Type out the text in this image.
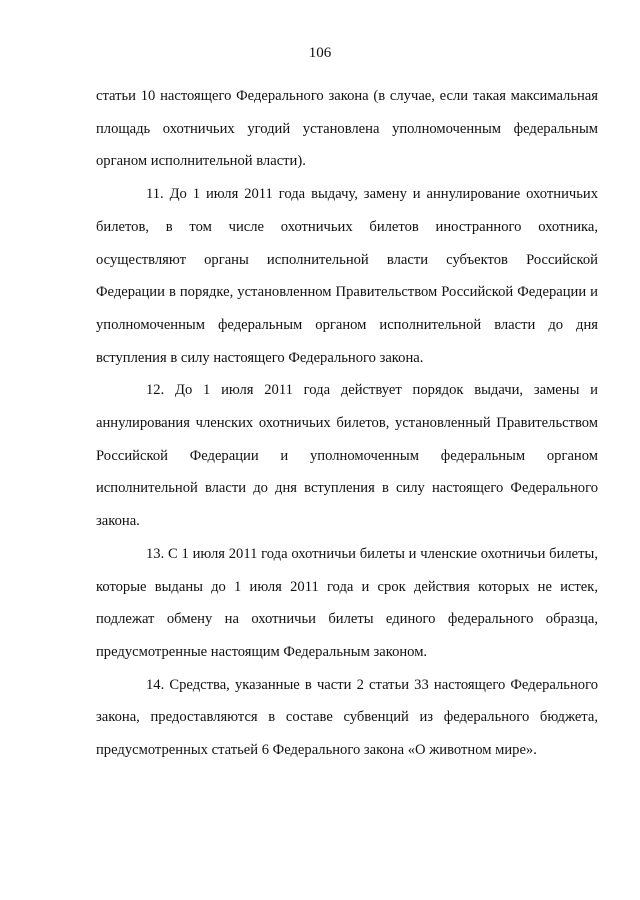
106

статьи 10 настоящего Федерального закона (в случае, если такая максимальная площадь охотничьих угодий установлена уполномоченным федеральным органом исполнительной власти).

11. До 1 июля 2011 года выдачу, замену и аннулирование охотничьих билетов, в том числе охотничьих билетов иностранного охотника, осуществляют органы исполнительной власти субъектов Российской Федерации в порядке, установленном Правительством Российской Федерации и уполномоченным федеральным органом исполнительной власти до дня вступления в силу настоящего Федерального закона.

12. До 1 июля 2011 года действует порядок выдачи, замены и аннулирования членских охотничьих билетов, установленный Правительством Российской Федерации и уполномоченным федеральным органом исполнительной власти до дня вступления в силу настоящего Федерального закона.

13. С 1 июля 2011 года охотничьи билеты и членские охотничьи билеты, которые выданы до 1 июля 2011 года и срок действия которых не истек, подлежат обмену на охотничьи билеты единого федерального образца, предусмотренные настоящим Федеральным законом.

14. Средства, указанные в части 2 статьи 33 настоящего Федерального закона, предоставляются в составе субвенций из федерального бюджета, предусмотренных статьей 6 Федерального закона «О животном мире».
